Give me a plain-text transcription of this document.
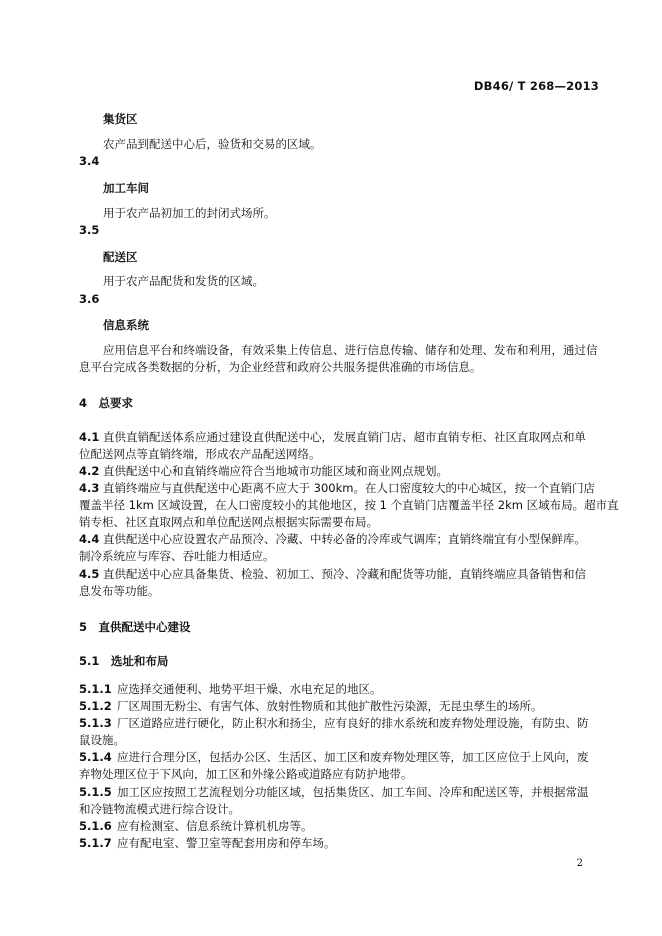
DB46/ T 268—2013
集货区
农产品到配送中心后，验货和交易的区域。
3.4
加工车间
用于农产品初加工的封闭式场所。
3.5
配送区
用于农产品配货和发货的区域。
3.6
信息系统
应用信息平台和终端设备，有效采集上传信息、进行信息传输、储存和处理、发布和利用，通过信
息平台完成各类数据的分析，为企业经营和政府公共服务提供准确的市场信息。
4　总要求
4.1 直供直销配送体系应通过建设直供配送中心，发展直销门店、超市直销专柜、社区直取网点和单
位配送网点等直销终端，形成农产品配送网络。
4.2 直供配送中心和直销终端应符合当地城市功能区域和商业网点规划。
4.3 直销终端应与直供配送中心距离不应大于 300km。在人口密度较大的中心城区，按一个直销门店
覆盖半径 1km 区域设置，在人口密度较小的其他地区，按 1 个直销门店覆盖半径 2km 区域布局。超市直
销专柜、社区直取网点和单位配送网点根据实际需要布局。
4.4 直供配送中心应设置农产品预冷、冷藏、中转必备的冷库或气调库；直销终端宜有小型保鲜库。
制冷系统应与库容、吞吐能力相适应。
4.5 直供配送中心应具备集货、检验、初加工、预冷、冷藏和配货等功能，直销终端应具备销售和信
息发布等功能。
5　直供配送中心建设
5.1　选址和布局
5.1.1 应选择交通便利、地势平坦干燥、水电充足的地区。
5.1.2 厂区周围无粉尘、有害气体、放射性物质和其他扩散性污染源，无昆虫孳生的场所。
5.1.3 厂区道路应进行硬化，防止积水和扬尘，应有良好的排水系统和废弃物处理设施，有防虫、防
鼠设施。
5.1.4 应进行合理分区，包括办公区、生活区、加工区和废弃物处理区等，加工区应位于上风向，废
弃物处理区位于下风向，加工区和外缘公路或道路应有防护地带。
5.1.5 加工区应按照工艺流程划分功能区域，包括集货区、加工车间、冷库和配送区等，并根据常温
和冷链物流模式进行综合设计。
5.1.6 应有检测室、信息系统计算机机房等。
5.1.7 应有配电室、警卫室等配套用房和停车场。
2
